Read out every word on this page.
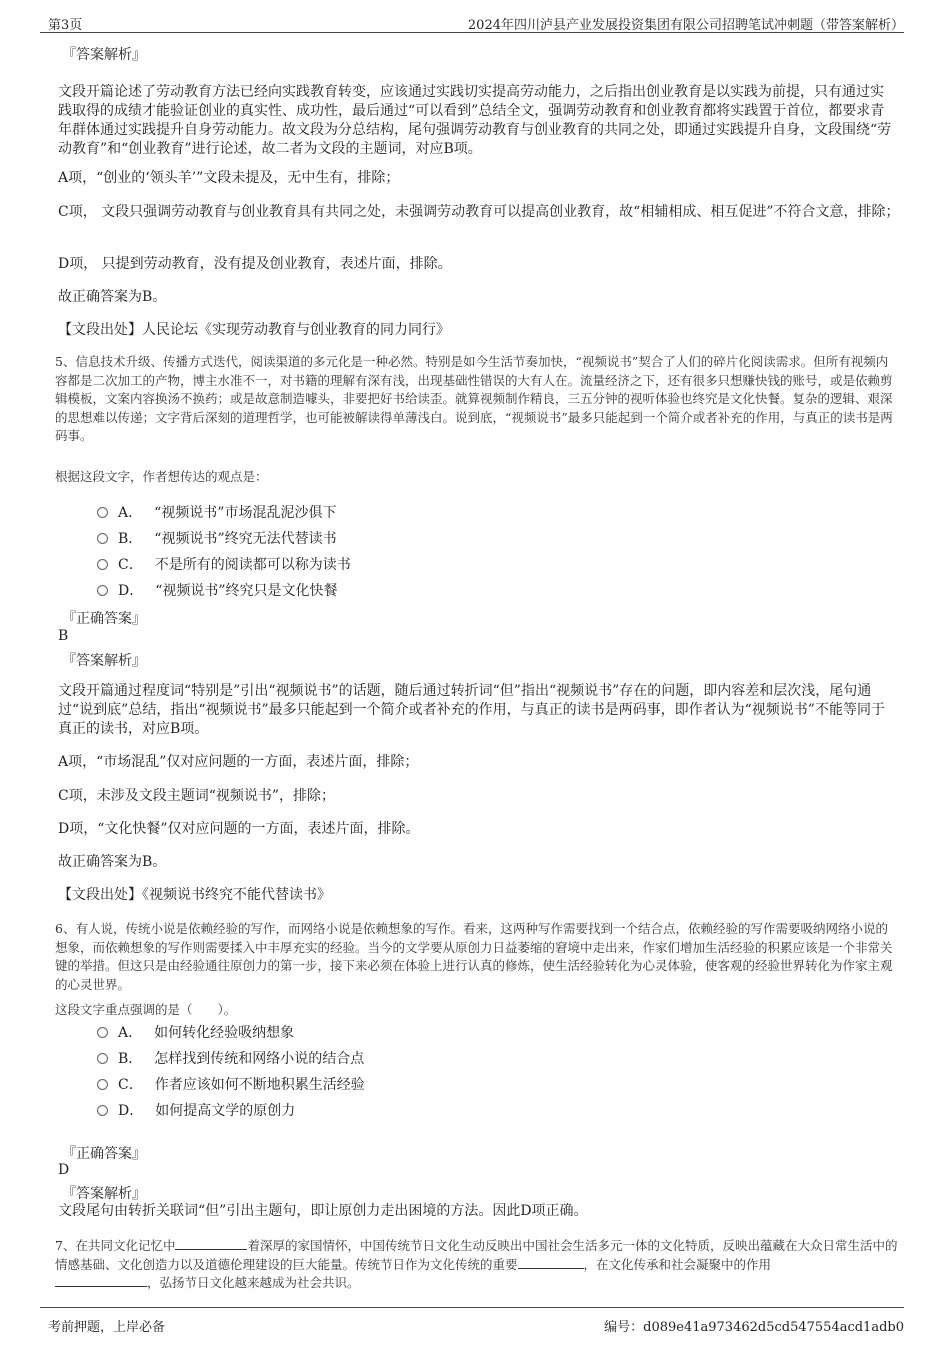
第3页	2024年四川泸县产业发展投资集团有限公司招聘笔试冲刺题（带答案解析）
『答案解析』
文段开篇论述了劳动教育方法已经向实践教育转变，应该通过实践切实提高劳动能力，之后指出创业教育是以实践为前提，只有通过实践取得的成绩才能验证创业的真实性、成功性，最后通过“可以看到”总结全文，强调劳动教育和创业教育都将实践置于首位，都要求青年群体通过实践提升自身劳动能力。故文段为分总结构，尾句强调劳动教育与创业教育的共同之处，即通过实践提升自身，文段围绕“劳动教育”和“创业教育”进行论述，故二者为文段的主题词，对应B项。
A项，“创业的‘领头羊’”文段未提及，无中生有，排除；
C项， 文段只强调劳动教育与创业教育具有共同之处，未强调劳动教育可以提高创业教育，故“相辅相成、相互促进”不符合文意，排除；
D项， 只提到劳动教育，没有提及创业教育，表述片面，排除。
故正确答案为B。
【文段出处】人民论坛《实现劳动教育与创业教育的同力同行》
5、信息技术升级、传播方式迭代，阅读渠道的多元化是一种必然。特别是如今生活节奏加快，“视频说书”契合了人们的碎片化阅读需求。但所有视频内容都是二次加工的产物，博主水准不一，对书籍的理解有深有浅，出现基础性错误的大有人在。流量经济之下，还有很多只想赚快钱的账号，或是依赖剪辑模板，文案内容换汤不换药；或是故意制造噱头，非要把好书给读歪。就算视频制作精良，三五分钟的视听体验也终究是文化快餐。复杂的逻辑、艰深的思想难以传递；文字背后深刻的道理哲学，也可能被解读得单薄浅白。说到底，“视频说书”最多只能起到一个简介或者补充的作用，与真正的读书是两码事。
根据这段文字，作者想传达的观点是：
A． “视频说书”市场混乱泥沙俱下
B． “视频说书”终究无法代替读书
C． 不是所有的阅读都可以称为读书
D． “视频说书”终究只是文化快餐
『正确答案』
B
『答案解析』
文段开篇通过程度词“特别是”引出“视频说书”的话题，随后通过转折词“但”指出“视频说书”存在的问题，即内容差和层次浅，尾句通过“说到底”总结，指出“视频说书”最多只能起到一个简介或者补充的作用，与真正的读书是两码事，即作者认为“视频说书”不能等同于真正的读书，对应B项。
A项，“市场混乱”仅对应问题的一方面，表述片面，排除；
C项，未涉及文段主题词“视频说书”，排除；
D项，“文化快餐”仅对应问题的一方面，表述片面，排除。
故正确答案为B。
【文段出处】《视频说书终究不能代替读书》
6、有人说，传统小说是依赖经验的写作，而网络小说是依赖想象的写作。看来，这两种写作需要找到一个结合点，依赖经验的写作需要吸纳网络小说的想象，而依赖想象的写作则需要揉入中丰厚充实的经验。当今的文学要从原创力日益萎缩的窘境中走出来，作家们增加生活经验的积累应该是一个非常关键的举措。但这只是由经验通往原创力的第一步，接下来必须在体验上进行认真的修炼，使生活经验转化为心灵体验，使客观的经验世界转化为作家主观的心灵世界。
这段文字重点强调的是（　　）。
A． 如何转化经验吸纳想象
B． 怎样找到传统和网络小说的结合点
C． 作者应该如何不断地积累生活经验
D． 如何提高文学的原创力
『正确答案』
D
『答案解析』
文段尾句由转折关联词“但”引出主题句，即让原创力走出困境的方法。因此D项正确。
7、在共同文化记忆中	着深厚的家国情怀，中国传统节日文化生动反映出中国社会生活多元一体的文化特质，反映出蕴藏在大众日常生活中的情感基础、文化创造力以及道德伦理建设的巨大能量。传统节日作为文化传统的重要	，在文化传承和社会凝聚中的作用
，弘扬节日文化越来越成为社会共识。
考前押题，上岸必备	编号：d089e41a973462d5cd547554acd1adb0
